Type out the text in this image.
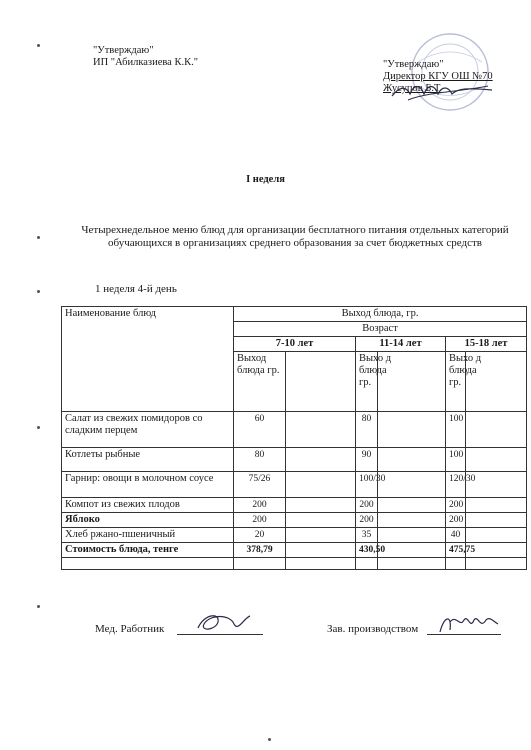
"Утверждаю"
ИП "Абилказиева К.К."	"Утверждаю"
Директор КГУ ОШ №70
Жусупов Б.Т.
I неделя
Четырехнедельное меню блюд для организации бесплатного питания отдельных категорий обучающихся в организациях среднего образования за счет бюджетных средств
1 неделя 4-й день
Наименование блюд	Выход блюда, гр.					
	Возраст					
	7-10 лет		11-14 лет		15-18 лет	
	Выход блюда гр.		Выхо д блюда гр.		Выхо д блюда гр.	

Салат из свежих помидоров со сладким перцем	60		80		100	
Котлеты рыбные	80		90		100	
Гарнир: овощи в молочном соусе	75/26		100/30		120/30	
Компот из свежих плодов	200		200		200	
Яблоко	200		200		200	
Хлеб ржано-пшеничный	20		35		40	
Стоимость блюда, тенге	378,79		430,50		475,75	

Мед. Работник	Зав. производством
